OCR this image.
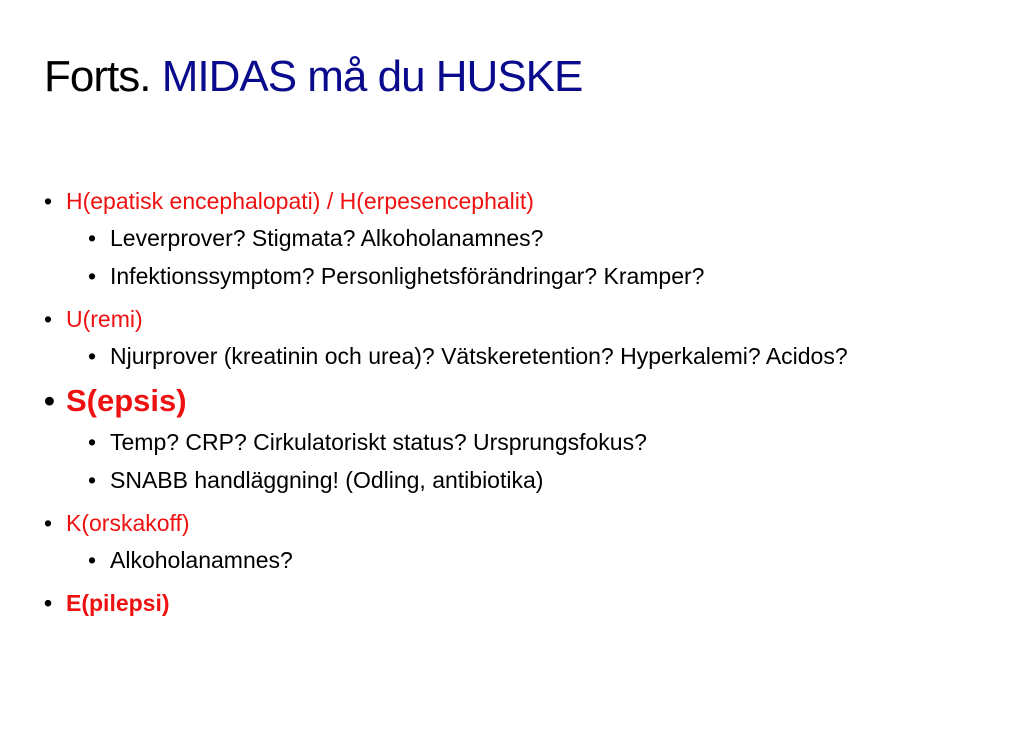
Forts. MIDAS må du HUSKE
• H(epatisk encephalopati) / H(erpesencephalit)
• Leverprover? Stigmata? Alkoholanamnes?
• Infektionssymptom? Personlighetsförändringar? Kramper?
• U(remi)
• Njurprover (kreatinin och urea)? Vätskeretention? Hyperkalemi? Acidos?
• S(epsis)
• Temp? CRP? Cirkulatoriskt status? Ursprungsfokus?
• SNABB handläggning! (Odling, antibiotika)
• K(orskakoff)
• Alkoholanamnes?
• E(pilepsi)
